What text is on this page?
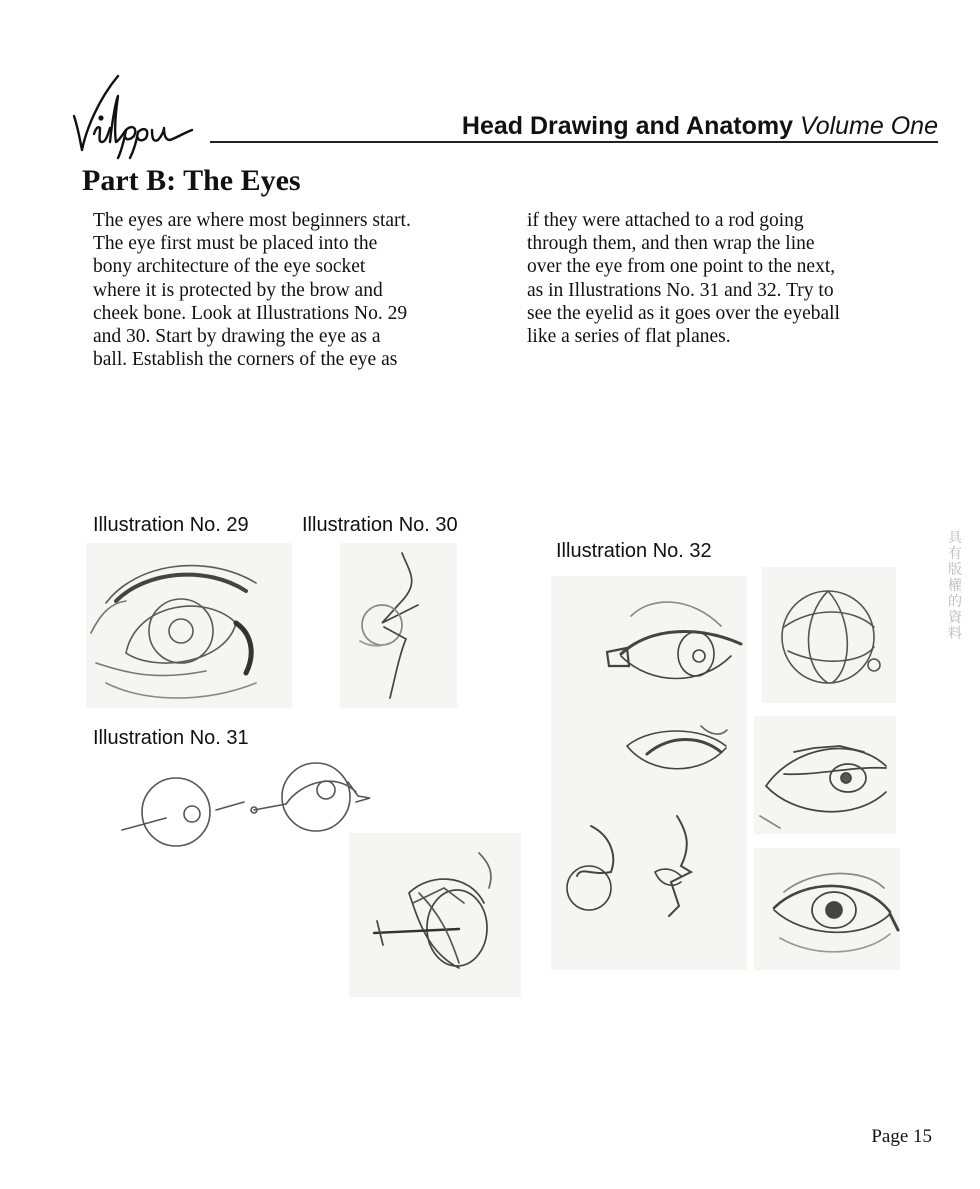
Head Drawing and Anatomy Volume One
Part B: The Eyes
The eyes are where most beginners start.
The eye first must be placed into the
bony architecture of the eye socket
where it is protected by the brow and
cheek bone. Look at Illustrations No. 29
and 30. Start by drawing the eye as a
ball. Establish the corners of the eye as
if they were attached to a rod going
through them, and then wrap the line
over the eye from one point to the next,
as in Illustrations No. 31 and 32. Try to
see the eyelid as it goes over the eyeball
like a series of flat planes.
Illustration No. 29	Illustration No. 30
Illustration No. 32
Illustration No. 31
具
有
版
權
的
資
料
Page 15
